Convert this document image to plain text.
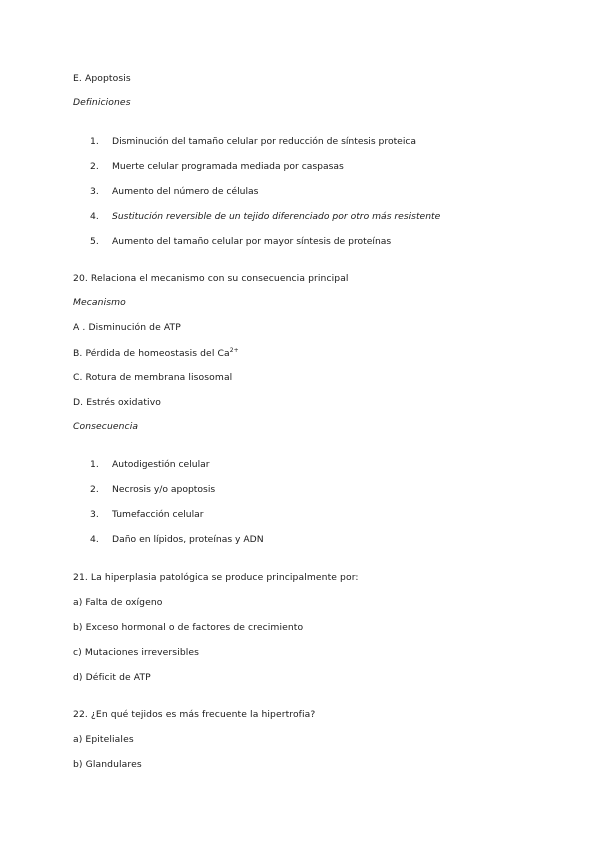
E. Apoptosis
Definiciones
1. Disminución del tamaño celular por reducción de síntesis proteica
2. Muerte celular programada mediada por caspasas
3. Aumento del número de células
4. Sustitución reversible de un tejido diferenciado por otro más resistente
5. Aumento del tamaño celular por mayor síntesis de proteínas
20. Relaciona el mecanismo con su consecuencia principal
Mecanismo
A . Disminución de ATP
B. Pérdida de homeostasis del $Ca^{2+}$
C. Rotura de membrana lisosomal
D. Estrés oxidativo
Consecuencia
1. Autodigestión celular
2. Necrosis y/o apoptosis
3. Tumefacción celular
4. Daño en lípidos, proteínas y ADN
21. La hiperplasia patológica se produce principalmente por:
a) Falta de oxígeno
b) Exceso hormonal o de factores de crecimiento
c) Mutaciones irreversibles
d) Déficit de ATP
22. ¿En qué tejidos es más frecuente la hipertrofia?
a) Epiteliales
b) Glandulares
